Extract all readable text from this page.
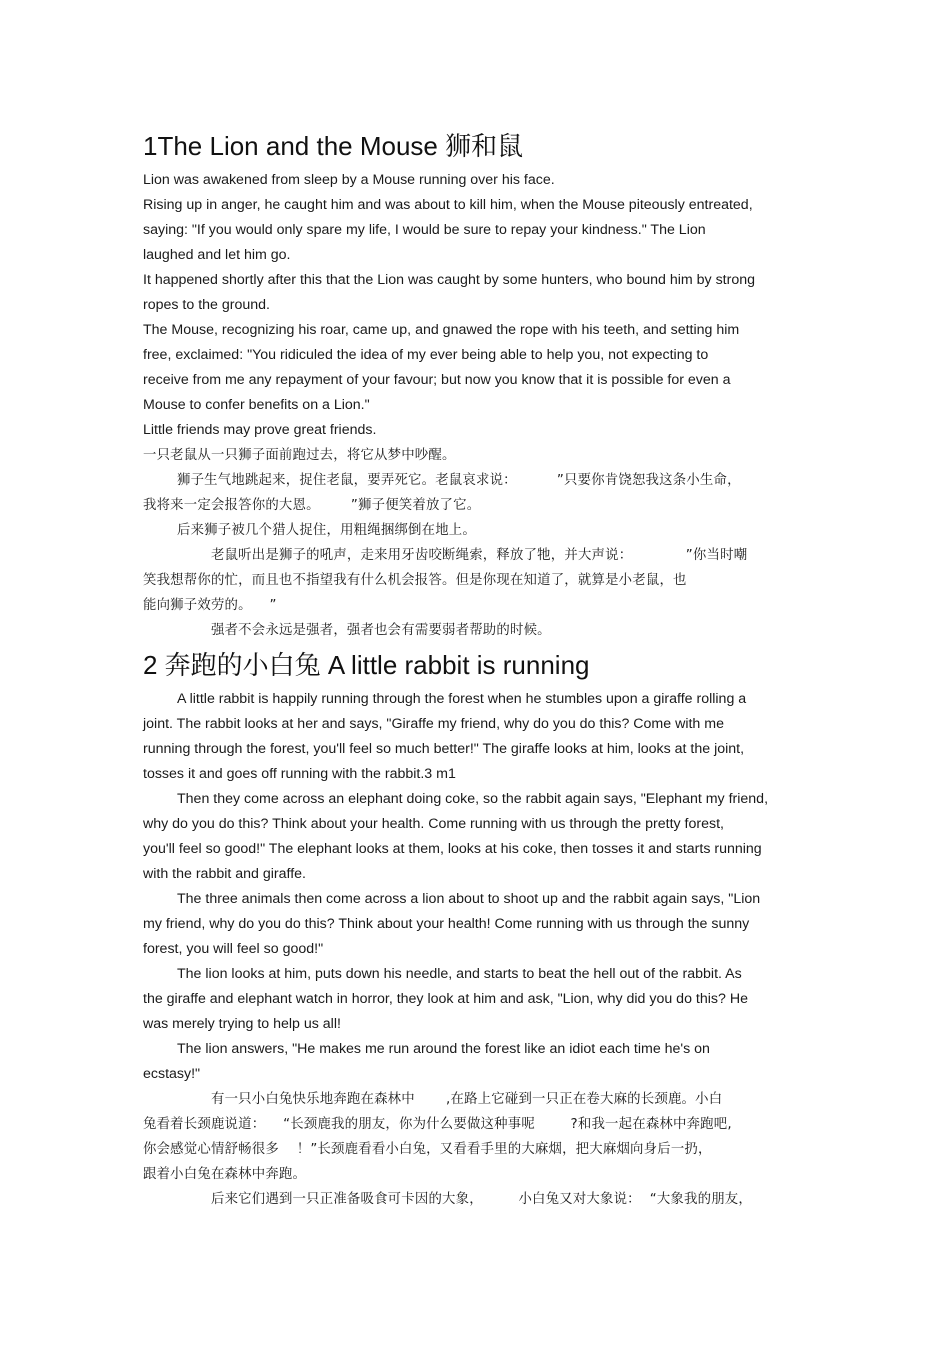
1The Lion and the Mouse 狮和鼠

Lion was awakened from sleep by a Mouse running over his face.

Rising up in anger, he caught him and was about to kill him, when the Mouse piteously entreated,

saying: "If you would only spare my life, I would be sure to repay your kindness." The Lion

laughed and let him go.

It happened shortly after this that the Lion was caught by some hunters, who bound him by strong

ropes to the ground.

The Mouse, recognizing his roar, came up, and gnawed the rope with his teeth, and setting him

free, exclaimed: "You ridiculed the idea of my ever being able to help you, not expecting to

receive from me any repayment of your favour; but now you know that it is possible for even a

Mouse to confer benefits on a Lion."

Little friends may prove great friends.

一只老鼠从一只狮子面前跑过去，将它从梦中吵醒。

狮子生气地跳起来，捉住老鼠，要弄死它。老鼠哀求说：         ”只要你肯饶恕我这条小生命，

我将来一定会报答你的大恩。       ”狮子便笑着放了它。

后来狮子被几个猎人捉住，用粗绳捆绑倒在地上。

老鼠听出是狮子的吼声，走来用牙齿咬断绳索，释放了牠，并大声说：            ”你当时嘲

笑我想帮你的忙，而且也不指望我有什么机会报答。但是你现在知道了，就算是小老鼠，也

能向狮子效劳的。    ”

强者不会永远是强者，强者也会有需要弱者帮助的时候。

2 奔跑的小白兔 A little rabbit is running

A little rabbit is happily running through the forest when he stumbles upon a giraffe rolling a

joint. The rabbit looks at her and says, "Giraffe my friend, why do you do this? Come with me

running through the forest, you'll feel so much better!" The giraffe looks at him, looks at the joint,

tosses it and goes off running with the rabbit.3 m1

Then they come across an elephant doing coke, so the rabbit again says, "Elephant my friend,

why do you do this? Think about your health. Come running with us through the pretty forest,

you'll feel so good!" The elephant looks at them, looks at his coke, then tosses it and starts running

with the rabbit and giraffe.

The three animals then come across a lion about to shoot up and the rabbit again says, "Lion

my friend, why do you do this? Think about your health! Come running with us through the sunny

forest, you will feel so good!"

The lion looks at him, puts down his needle, and starts to beat the hell out of the rabbit. As

the giraffe and elephant watch in horror, they look at him and ask, "Lion, why did you do this? He

was merely trying to help us all!

The lion answers, "He makes me run around the forest like an idiot each time he's on

ecstasy!"

有一只小白兔快乐地奔跑在森林中       ,在路上它碰到一只正在卷大麻的长颈鹿。小白

兔看着长颈鹿说道：    “长颈鹿我的朋友，你为什么要做这种事呢        ?和我一起在森林中奔跑吧,

你会感觉心情舒畅很多    ！”长颈鹿看看小白兔，又看看手里的大麻烟，把大麻烟向身后一扔，

跟着小白兔在森林中奔跑。

后来它们遇到一只正准备吸食可卡因的大象，        小白兔又对大象说：  “大象我的朋友，
